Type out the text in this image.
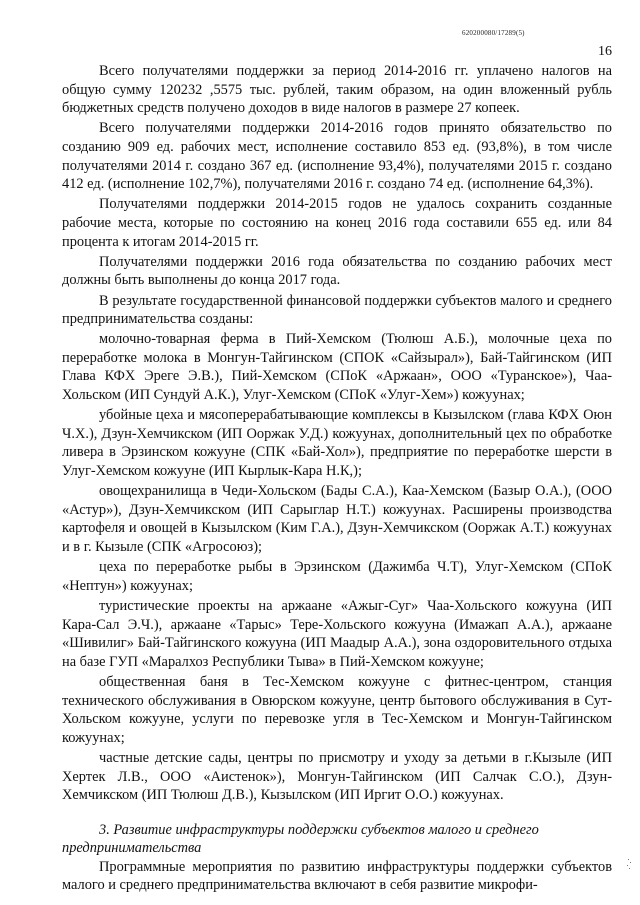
620200080/17289(5)
16

Всего получателями поддержки за период 2014-2016 гг. уплачено налогов на общую сумму 120232 ,5575 тыс. рублей, таким образом, на один вложенный рубль бюджетных средств получено доходов в виде налогов в размере 27 копеек.

Всего получателями поддержки 2014-2016 годов принято обязательство по созданию 909 ед. рабочих мест, исполнение составило 853 ед. (93,8%), в том числе получателями 2014 г. создано 367 ед. (исполнение 93,4%), получателями 2015 г. создано 412 ед. (исполнение 102,7%), получателями 2016 г. создано 74 ед. (исполнение 64,3%).

Получателями поддержки 2014-2015 годов не удалось сохранить созданные рабочие места, которые по состоянию на конец 2016 года составили 655 ед. или 84 процента к итогам 2014-2015 гг.

Получателями поддержки 2016 года обязательства по созданию рабочих мест должны быть выполнены до конца 2017 года.

В результате государственной финансовой поддержки субъектов малого и среднего предпринимательства созданы:

молочно-товарная ферма в Пий-Хемском (Тюлюш А.Б.), молочные цеха по переработке молока в Монгун-Тайгинском (СПОК «Сайзырал»), Бай-Тайгинском (ИП Глава КФХ Эреге Э.В.), Пий-Хемском (СПоК «Аржаан», ООО «Туранское»), Чаа-Хольском (ИП Сундуй А.К.), Улуг-Хемском (СПоК «Улуг-Хем») кожуунах;

убойные цеха и мясоперерабатывающие комплексы в Кызылском (глава КФХ Оюн Ч.Х.), Дзун-Хемчикском (ИП Ооржак У.Д.) кожуунах, дополнительный цех по обработке ливера в Эрзинском кожууне (СПК «Бай-Хол»), предприятие по переработке шерсти в Улуг-Хемском кожууне (ИП Кырлык-Кара Н.К,);

овощехранилища в Чеди-Хольском (Бады С.А.), Каа-Хемском (Базыр О.А.), (ООО «Астур»), Дзун-Хемчикском (ИП Сарыглар Н.Т.) кожуунах. Расширены производства картофеля и овощей в Кызылском (Ким Г.А.), Дзун-Хемчикском (Ооржак А.Т.) кожуунах и в г. Кызыле (СПК «Агросоюз);

цеха по переработке рыбы в Эрзинском (Дажимба Ч.Т), Улуг-Хемском (СПоК «Нептун») кожуунах;

туристические проекты на аржаане «Ажыг-Суг» Чаа-Хольского кожууна (ИП Кара-Сал Э.Ч.), аржаане «Тарыс» Тере-Хольского кожууна (Имажап А.А.), аржаане «Шивилиг» Бай-Тайгинского кожууна (ИП Маадыр А.А.), зона оздоровительного отдыха на базе ГУП «Маралхоз Республики Тыва» в Пий-Хемском кожууне;

общественная баня в Тес-Хемском кожууне с фитнес-центром, станция технического обслуживания в Овюрском кожууне, центр бытового обслуживания в Сут-Хольском кожууне, услуги по перевозке угля в Тес-Хемском и Монгун-Тайгинском кожуунах;

частные детские сады, центры по присмотру и уходу за детьми в г.Кызыле (ИП Хертек Л.В., ООО «Аистенок»), Монгун-Тайгинском (ИП Салчак С.О.), Дзун-Хемчикском (ИП Тюлюш Д.В.), Кызылском (ИП Иргит О.О.) кожуунах.

3. Развитие инфраструктуры поддержки субъектов малого и среднего предпринимательства

Программные мероприятия по развитию инфраструктуры поддержки субъектов малого и среднего предпринимательства включают в себя развитие микрофи-
